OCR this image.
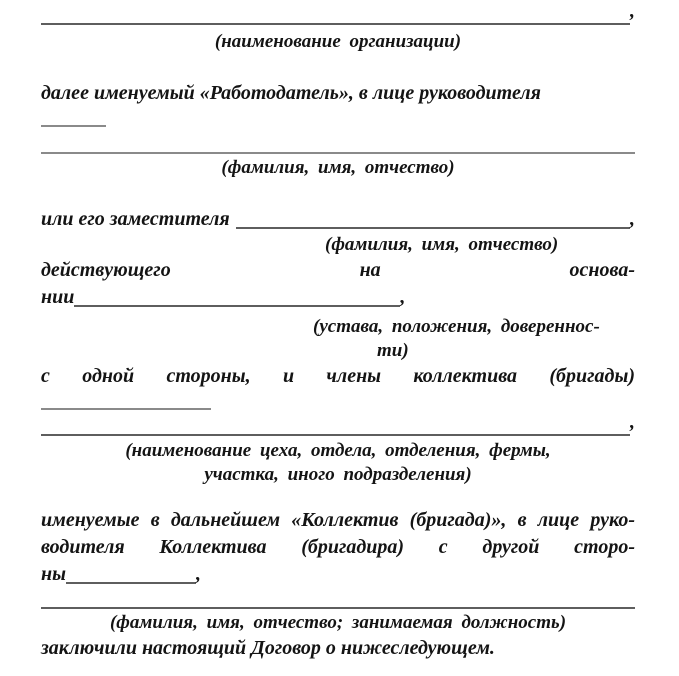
,
(наименование организации)
далее именуемый «Работодатель», в лице руководителя
(фамилия, имя, отчество)
или его заместителя	,
(фамилия, имя, отчество)
действующего на основа-
нии	,
(устава, положения, довереннос-
ти)
с одной стороны, и члены коллектива (бригады)
,
(наименование цеха, отдела, отделения, фермы,
участка, иного подразделения)
именуемые в дальнейшем «Коллектив (бригада)», в лице руко-
водителя Коллектива (бригадира) с другой сторо-
ны	,
(фамилия, имя, отчество; занимаемая должность)
заключили настоящий Договор о нижеследующем.
